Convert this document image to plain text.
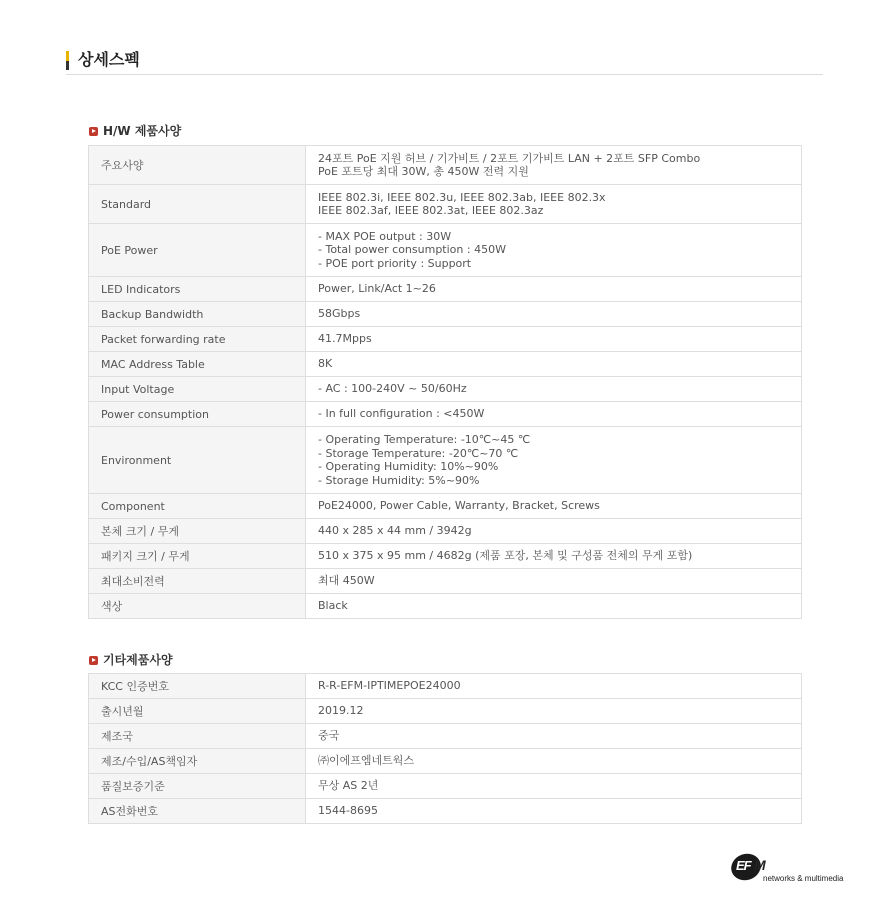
상세스펙
H/W 제품사양
주요사양	24포트 PoE 지원 허브 / 기가비트 / 2포트 기가비트 LAN + 2포트 SFP Combo
PoE 포트당 최대 30W, 총 450W 전력 지원

Standard	IEEE 802.3i, IEEE 802.3u, IEEE 802.3ab, IEEE 802.3x
IEEE 802.3af, IEEE 802.3at, IEEE 802.3az

PoE Power	- MAX POE output : 30W
- Total power consumption : 450W
- POE port priority : Support

LED Indicators	Power, Link/Act 1~26

Backup Bandwidth	58Gbps

Packet forwarding rate	41.7Mpps

MAC Address Table	8K

Input Voltage	- AC : 100-240V ~ 50/60Hz

Power consumption	- In full configuration : <450W

Environment	- Operating Temperature: -10℃~45 ℃
- Storage Temperature: -20℃~70 ℃
- Operating Humidity: 10%~90%
- Storage Humidity: 5%~90%

Component	PoE24000, Power Cable, Warranty, Bracket, Screws

본체 크기 / 무게	440 x 285 x 44 mm / 3942g

패키지 크기 / 무게	510 x 375 x 95 mm / 4682g (제품 포장, 본체 및 구성품 전체의 무게 포함)

최대소비전력	최대 450W

색상	Black
기타제품사양
KCC 인증번호	R-R-EFM-IPTIMEPOE24000

출시년월	2019.12

제조국	중국

제조/수입/AS책임자	㈜이에프엠네트웍스

품질보증기준	무상 AS 2년

AS전화번호	1544-8695
EF M
networks & multimedia
